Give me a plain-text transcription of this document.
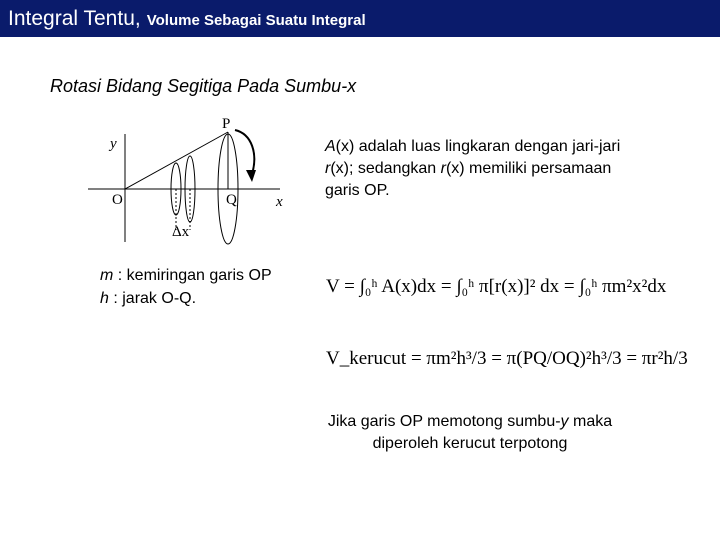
Integral Tentu, Volume Sebagai Suatu Integral
Rotasi Bidang Segitiga Pada Sumbu-x
P
y
O	Q	x
Δx
A(x) adalah luas lingkaran dengan jari-jari r(x); sedangkan r(x) memiliki persamaan garis OP.
m : kemiringan garis OP
h : jarak O-Q.
V = ∫₀ʰ A(x)dx = ∫₀ʰ π[r(x)]² dx = ∫₀ʰ πm²x²dx
V_kerucut = πm²h³/3 = π(PQ/OQ)²h³/3 = πr²h/3
Jika garis OP memotong sumbu-y maka
diperoleh kerucut terpotong
